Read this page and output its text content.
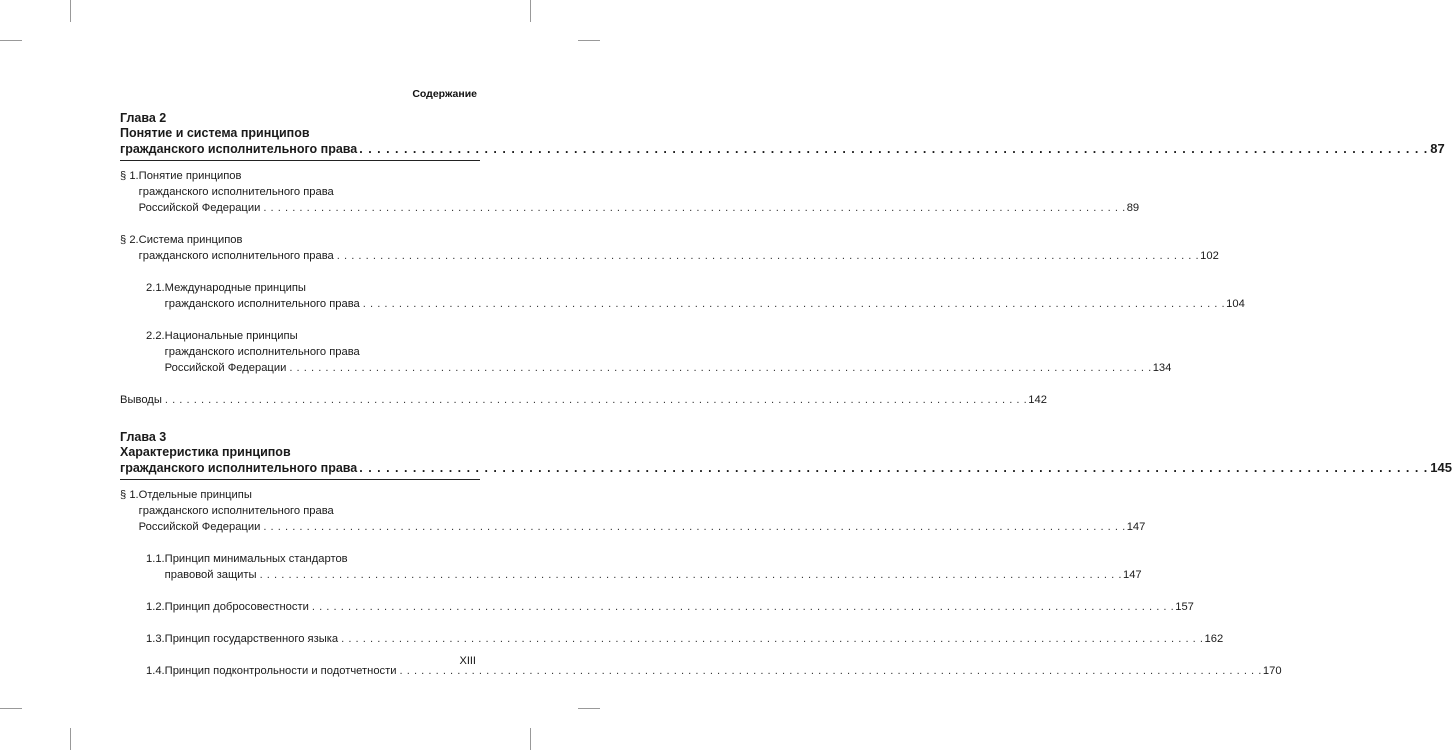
Содержание
Глава 2
Понятие и система принципов
гражданского исполнительного права . . . . . . . . . . . . . . . . . . . . . . . . . . . . . . . . . . . . . . . . . . . . . . . . . . . . . . . . . . . . . . . . . . . . . . . . . . . . . . . . . . . . . . . . . . . . . . . . . . . . . . . . . . . . . . . . . . . . . . . . 87
§ 1. Понятие принципов
гражданского исполнительного права
Российской Федерации . . . . . . . . . . . . . . . . . . . . . . . . . . . . . . . . . . . . . . . . . . . . . . . . . . . . . . . . . . . . . . . . . . . . . . . . . . . . . . . . . . . . . . . . . . . . . . . . . . . . . . . . . . . . . . . . . . . . . . . . 89
§ 2. Система принципов
гражданского исполнительного права . . . . . . . . . . . . . . . . . . . . . . . . . . . . . . . . . . . . . . . . . . . . . . . . . . . . . . . . . . . . . . . . . . . . . . . . . . . . . . . . . . . . . . . . . . . . . . . . . . . . . . . . . . . . . . . . . . . . . . . . 102
2.1. Международные принципы
гражданского исполнительного права . . . . . . . . . . . . . . . . . . . . . . . . . . . . . . . . . . . . . . . . . . . . . . . . . . . . . . . . . . . . . . . . . . . . . . . . . . . . . . . . . . . . . . . . . . . . . . . . . . . . . . . . . . . . . . . . . . . . . . . . 104
2.2. Национальные принципы
гражданского исполнительного права
Российской Федерации . . . . . . . . . . . . . . . . . . . . . . . . . . . . . . . . . . . . . . . . . . . . . . . . . . . . . . . . . . . . . . . . . . . . . . . . . . . . . . . . . . . . . . . . . . . . . . . . . . . . . . . . . . . . . . . . . . . . . . . . 134
Выводы . . . . . . . . . . . . . . . . . . . . . . . . . . . . . . . . . . . . . . . . . . . . . . . . . . . . . . . . . . . . . . . . . . . . . . . . . . . . . . . . . . . . . . . . . . . . . . . . . . . . . . . . . . . . . . . . . . . . . . . . 142
Глава 3
Характеристика принципов
гражданского исполнительного права . . . . . . . . . . . . . . . . . . . . . . . . . . . . . . . . . . . . . . . . . . . . . . . . . . . . . . . . . . . . . . . . . . . . . . . . . . . . . . . . . . . . . . . . . . . . . . . . . . . . . . . . . . . . . . . . . . . . . . . . 145
§ 1. Отдельные принципы
гражданского исполнительного права
Российской Федерации . . . . . . . . . . . . . . . . . . . . . . . . . . . . . . . . . . . . . . . . . . . . . . . . . . . . . . . . . . . . . . . . . . . . . . . . . . . . . . . . . . . . . . . . . . . . . . . . . . . . . . . . . . . . . . . . . . . . . . . . 147
1.1. Принцип минимальных стандартов
правовой защиты . . . . . . . . . . . . . . . . . . . . . . . . . . . . . . . . . . . . . . . . . . . . . . . . . . . . . . . . . . . . . . . . . . . . . . . . . . . . . . . . . . . . . . . . . . . . . . . . . . . . . . . . . . . . . . . . . . . . . . . . 147
1.2. Принцип добросовестности . . . . . . . . . . . . . . . . . . . . . . . . . . . . . . . . . . . . . . . . . . . . . . . . . . . . . . . . . . . . . . . . . . . . . . . . . . . . . . . . . . . . . . . . . . . . . . . . . . . . . . . . . . . . . . . . . . . . . . . . 157
1.3. Принцип государственного языка . . . . . . . . . . . . . . . . . . . . . . . . . . . . . . . . . . . . . . . . . . . . . . . . . . . . . . . . . . . . . . . . . . . . . . . . . . . . . . . . . . . . . . . . . . . . . . . . . . . . . . . . . . . . . . . . . . . . . . . . 162
1.4. Принцип подконтрольности и подотчетности . . . . . . . . . . . . . . . . . . . . . . . . . . . . . . . . . . . . . . . . . . . . . . . . . . . . . . . . . . . . . . . . . . . . . . . . . . . . . . . . . . . . . . . . . . . . . . . . . . . . . . . . . . . . . . . . . . . . . . . . 170
XIII
